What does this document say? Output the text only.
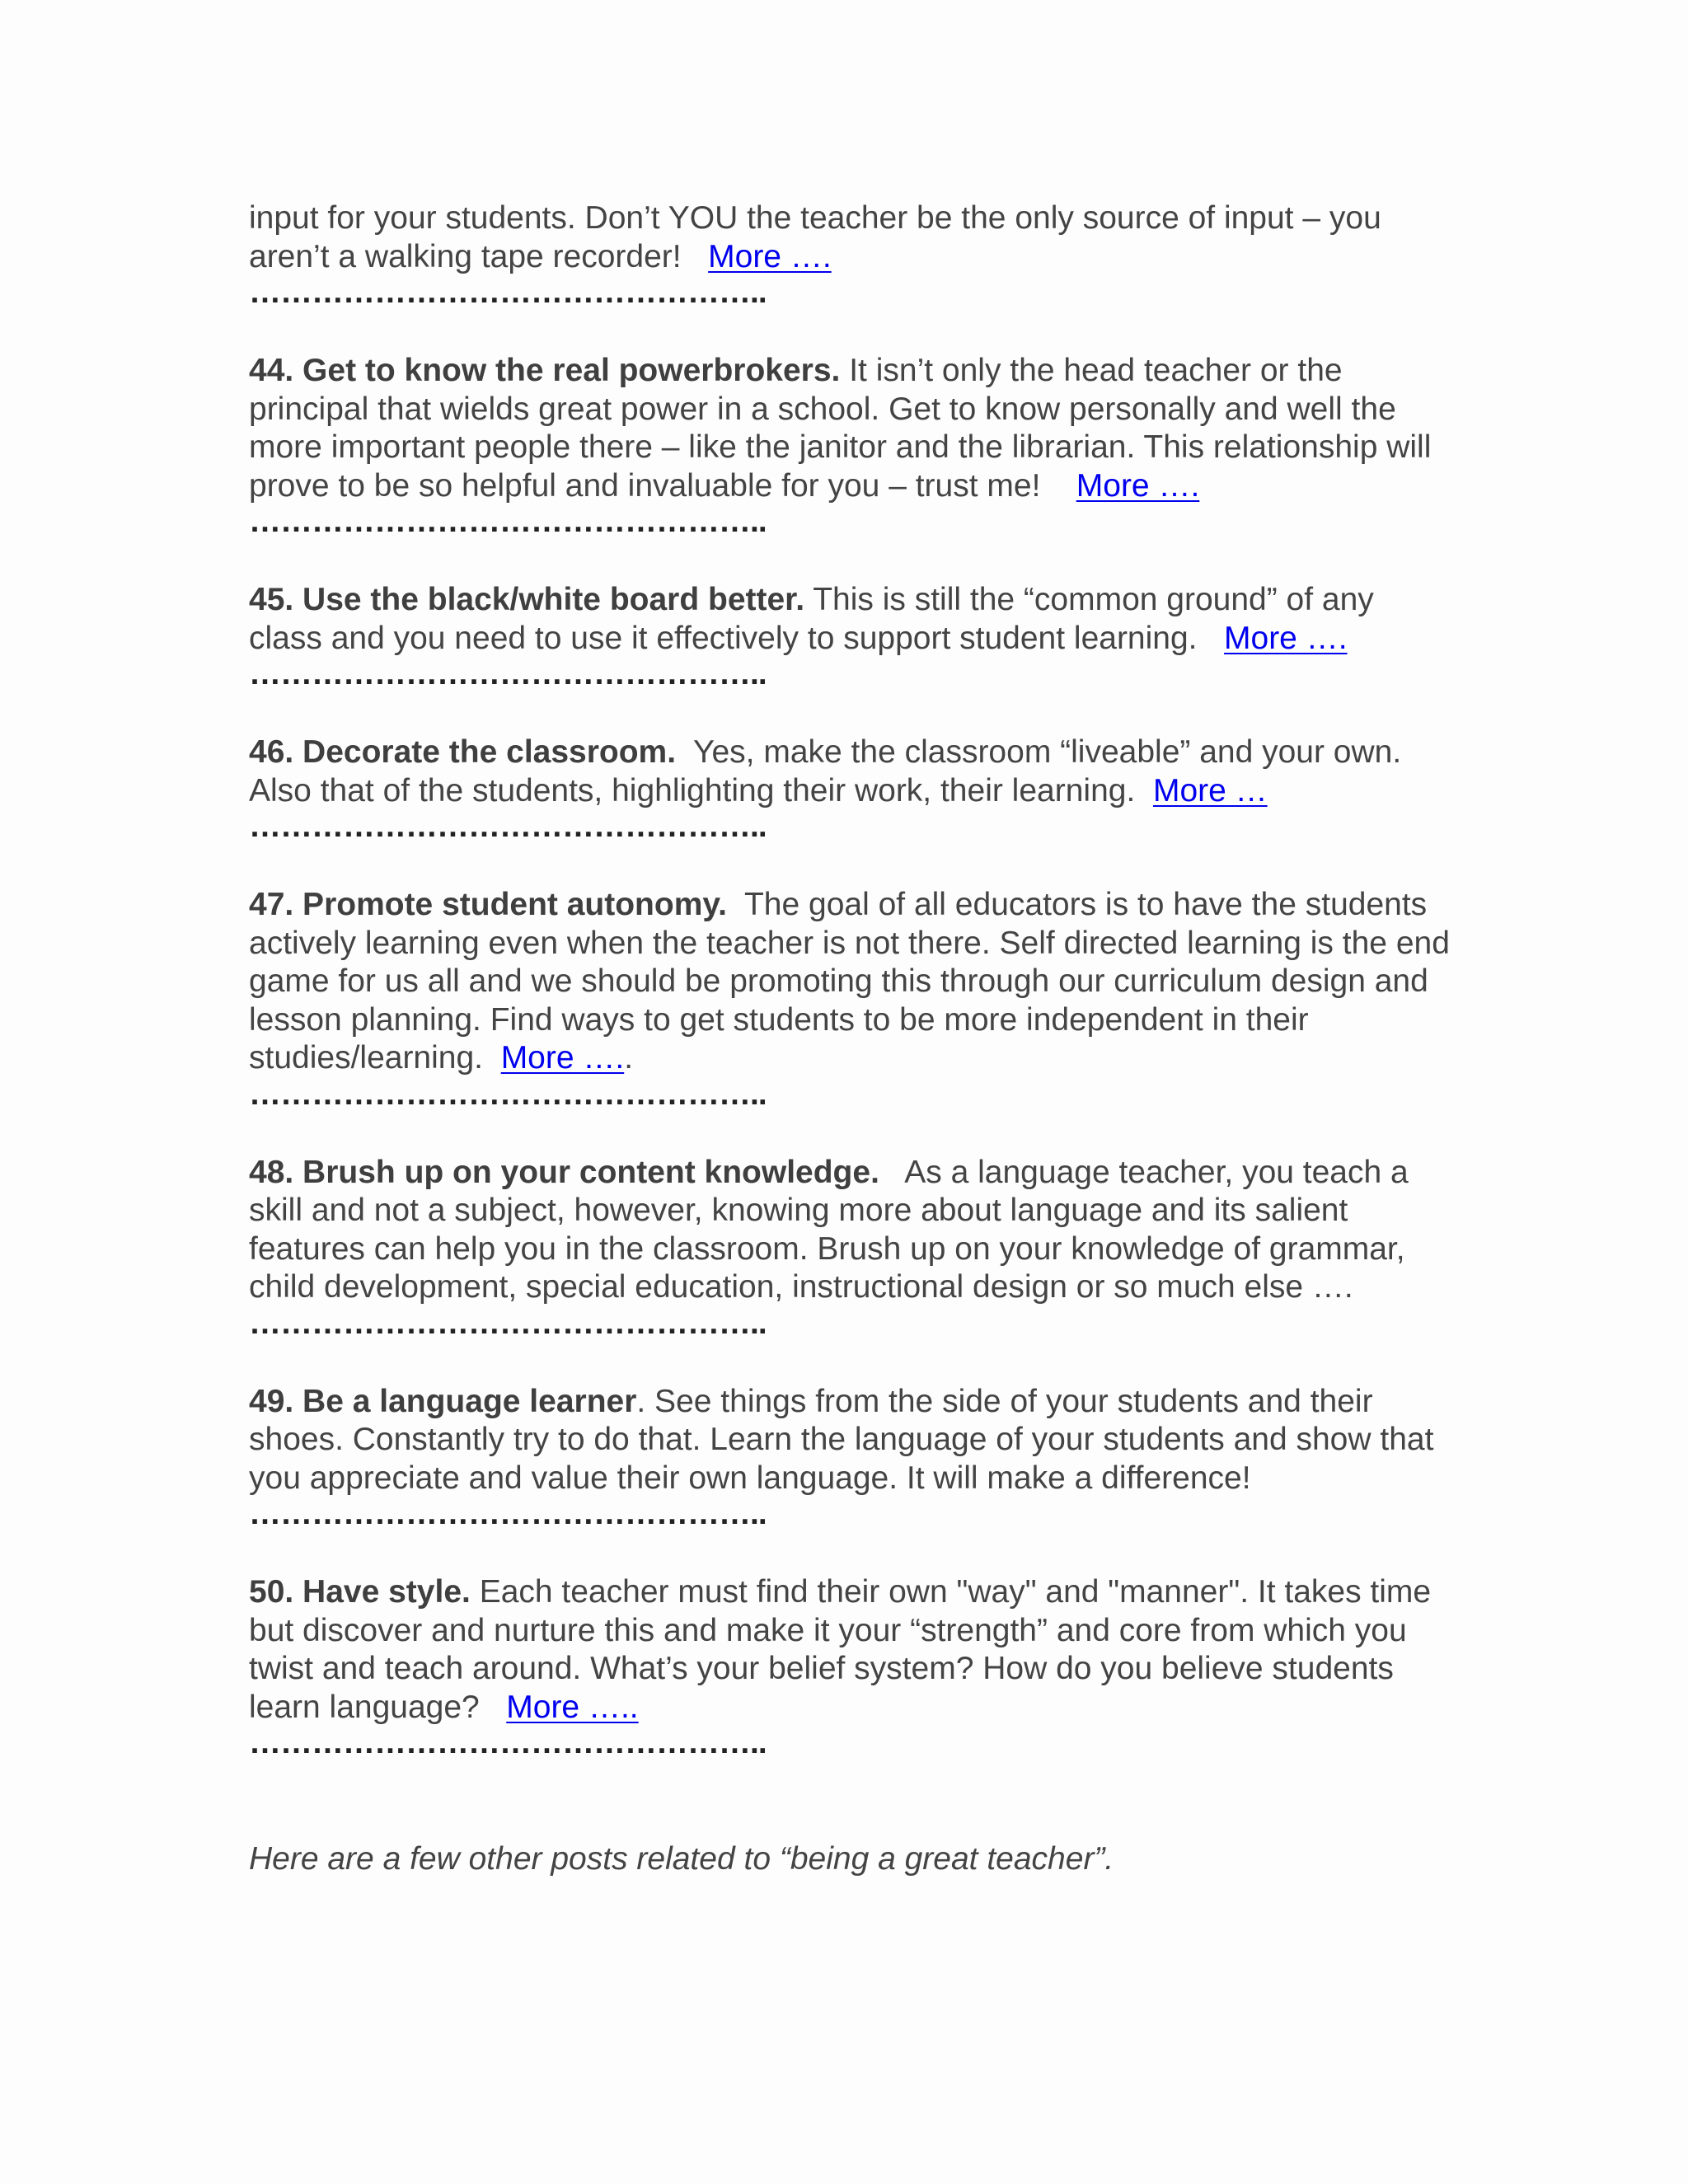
input for your students. Don’t YOU the teacher be the only source of input – you aren’t a walking tape recorder! More ….

…………………………………………..

44. Get to know the real powerbrokers. It isn’t only the head teacher or the principal that wields great power in a school. Get to know personally and well the more important people there – like the janitor and the librarian. This relationship will prove to be so helpful and invaluable for you – trust me! More ….

…………………………………………..

45. Use the black/white board better. This is still the “common ground” of any class and you need to use it effectively to support student learning. More ….

…………………………………………..

46. Decorate the classroom. Yes, make the classroom “liveable” and your own. Also that of the students, highlighting their work, their learning. More …

…………………………………………..

47. Promote student autonomy. The goal of all educators is to have the students actively learning even when the teacher is not there. Self directed learning is the end game for us all and we should be promoting this through our curriculum design and lesson planning. Find ways to get students to be more independent in their studies/learning. More …..

…………………………………………..

48. Brush up on your content knowledge. As a language teacher, you teach a skill and not a subject, however, knowing more about language and its salient features can help you in the classroom. Brush up on your knowledge of grammar, child development, special education, instructional design or so much else ….

…………………………………………..

49. Be a language learner. See things from the side of your students and their shoes. Constantly try to do that. Learn the language of your students and show that you appreciate and value their own language. It will make a difference!

…………………………………………..

50. Have style. Each teacher must find their own "way" and "manner". It takes time but discover and nurture this and make it your “strength” and core from which you twist and teach around. What’s your belief system? How do you believe students learn language? More …..

…………………………………………..

Here are a few other posts related to “being a great teacher”.
